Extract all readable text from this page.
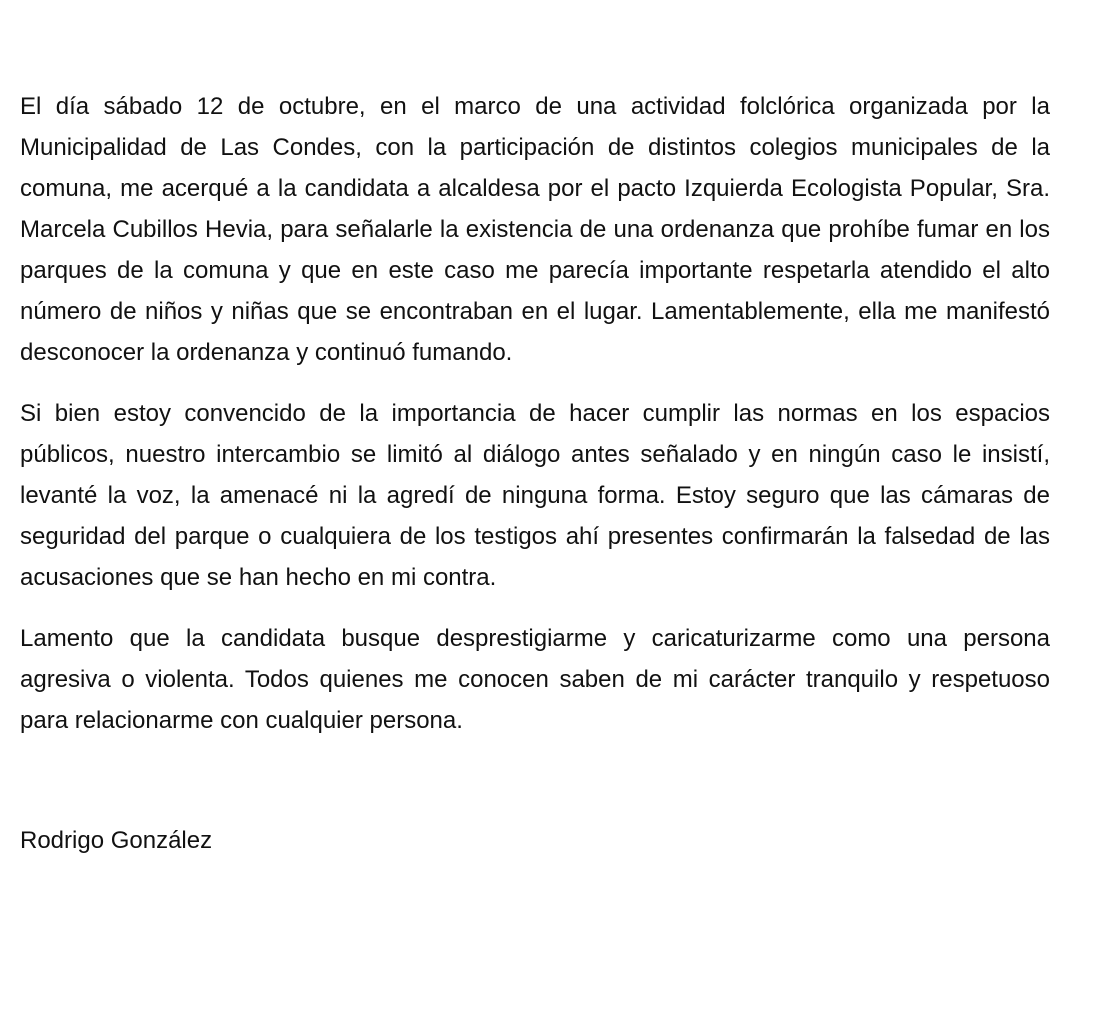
El día sábado 12 de octubre, en el marco de una actividad folclórica organizada por la Municipalidad de Las Condes, con la participación de distintos colegios municipales de la comuna, me acerqué a la candidata a alcaldesa por el pacto Izquierda Ecologista Popular, Sra. Marcela Cubillos Hevia, para señalarle la existencia de una ordenanza que prohíbe fumar en los parques de la comuna y que en este caso me parecía importante respetarla atendido el alto número de niños y niñas que se encontraban en el lugar. Lamentablemente, ella me manifestó desconocer la ordenanza y continuó fumando.

Si bien estoy convencido de la importancia de hacer cumplir las normas en los espacios públicos, nuestro intercambio se limitó al diálogo antes señalado y en ningún caso le insistí, levanté la voz, la amenacé ni la agredí de ninguna forma. Estoy seguro que las cámaras de seguridad del parque o cualquiera de los testigos ahí presentes confirmarán la falsedad de las acusaciones que se han hecho en mi contra.

Lamento que la candidata busque desprestigiarme y caricaturizarme como una persona agresiva o violenta. Todos quienes me conocen saben de mi carácter tranquilo y respetuoso para relacionarme con cualquier persona.

Rodrigo González
